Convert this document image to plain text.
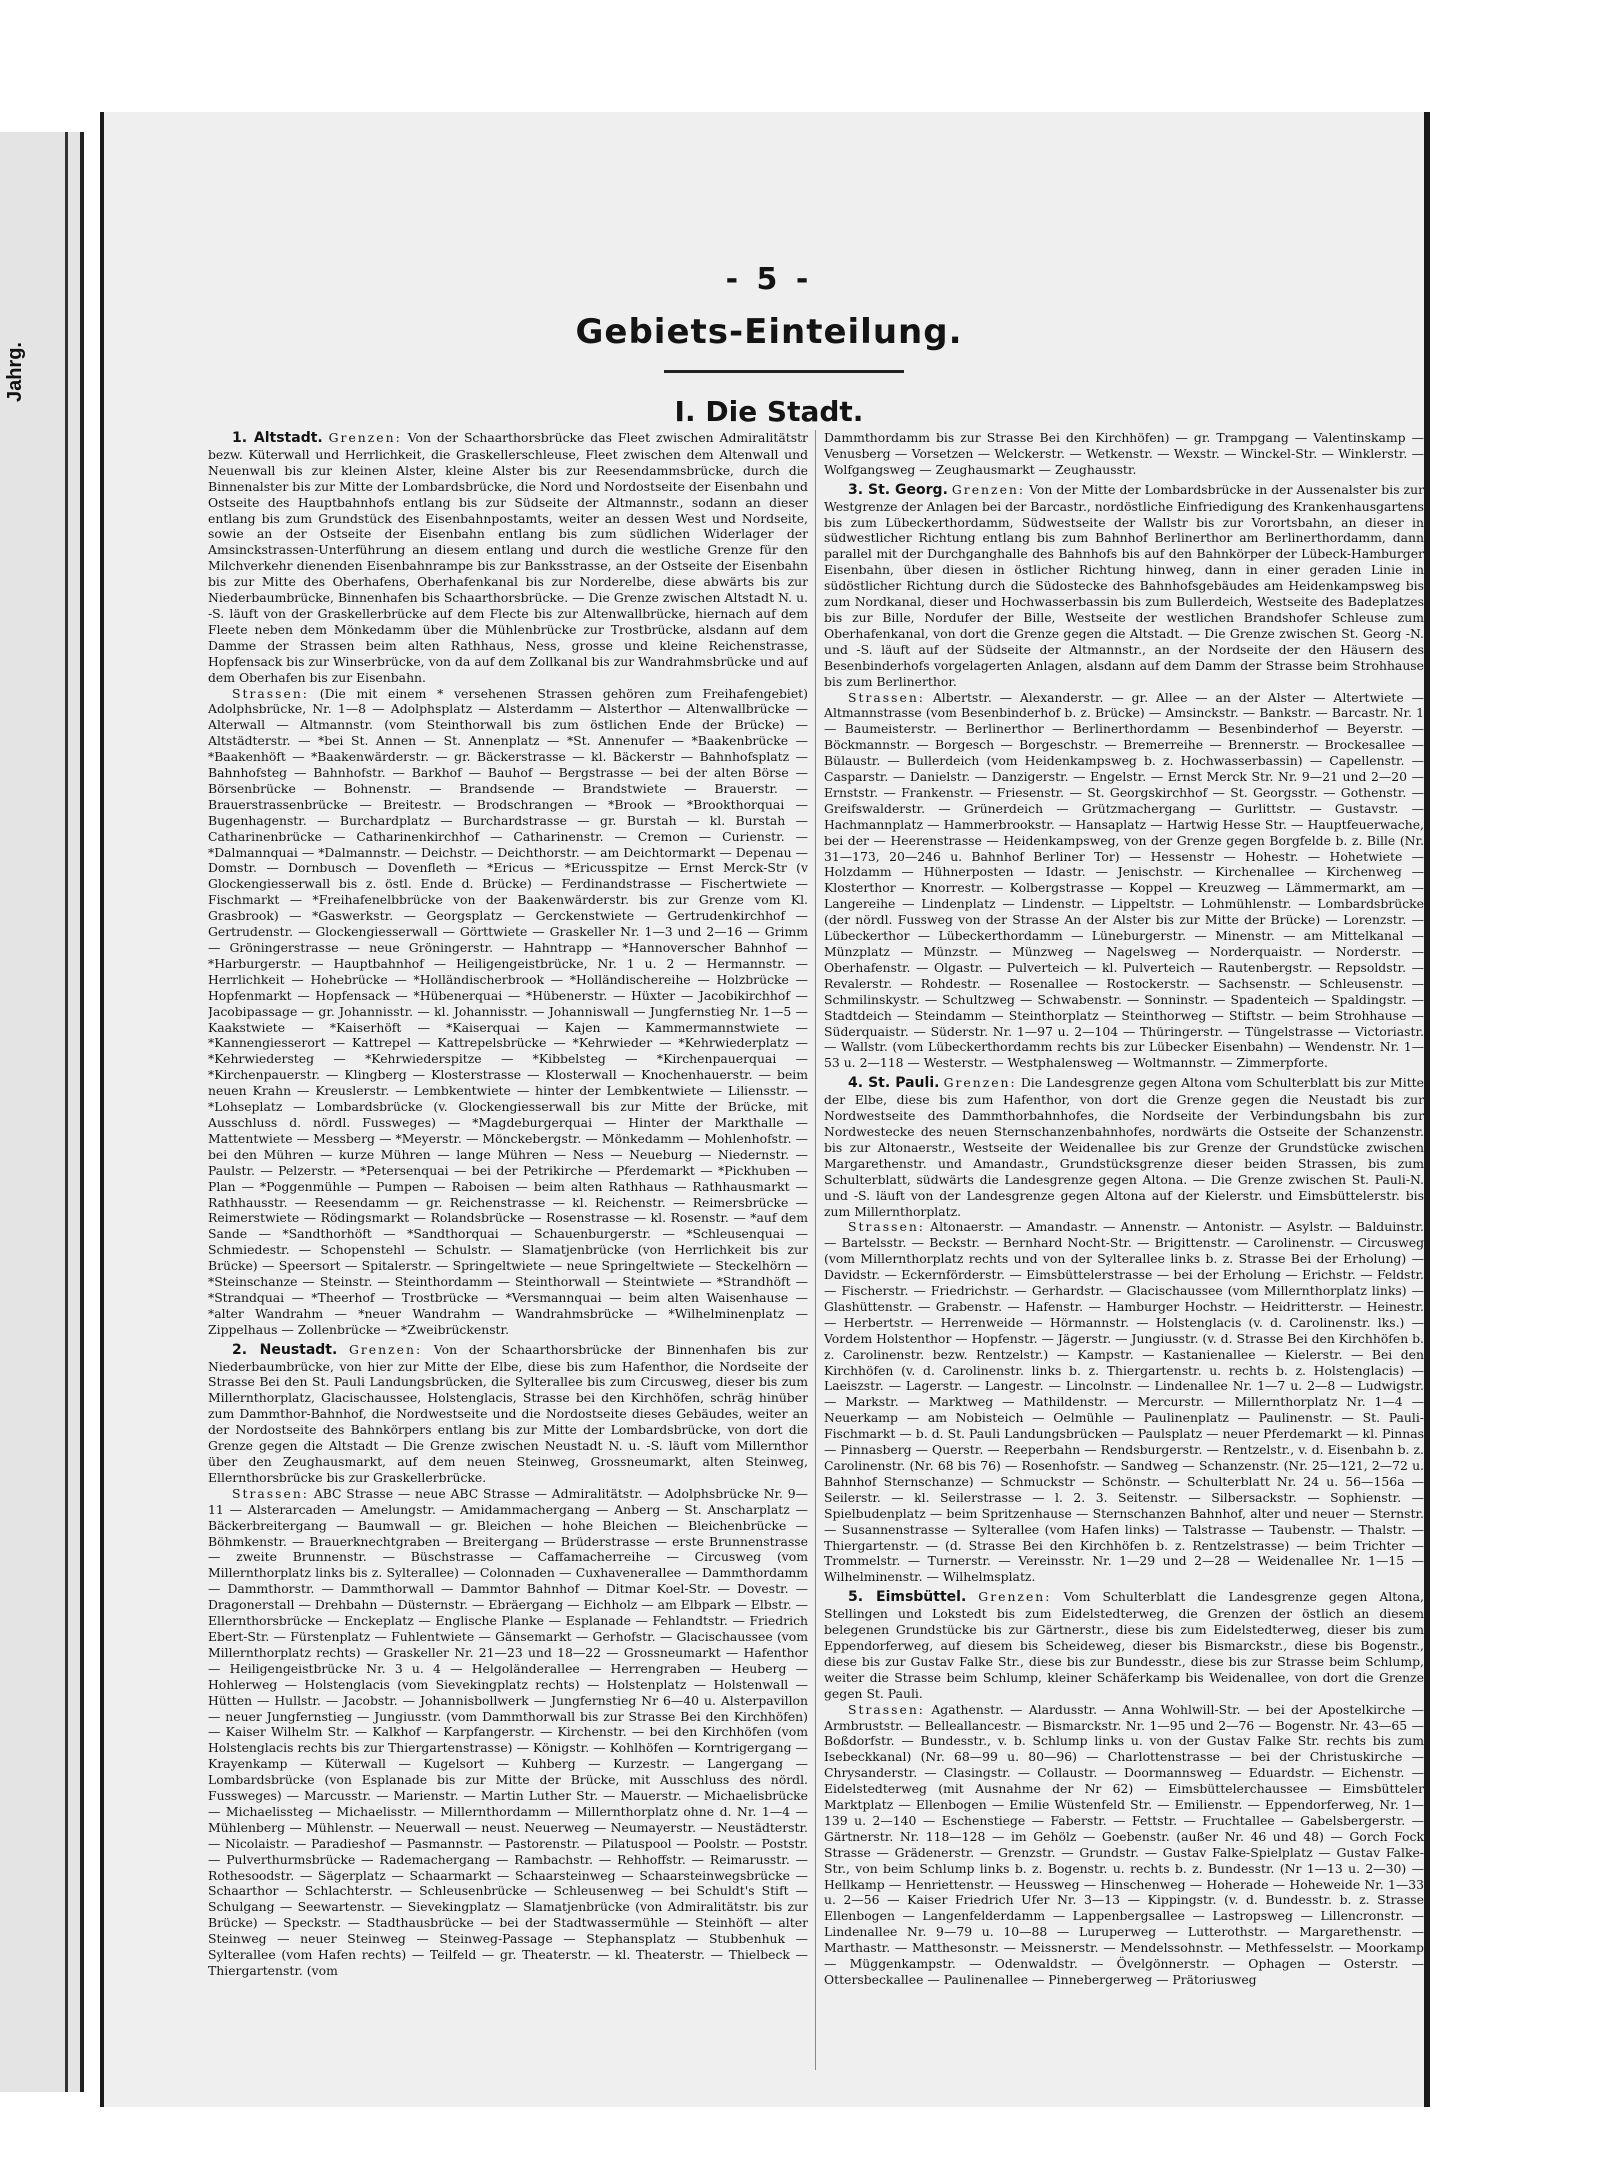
Jahrg.
- 5 -
Gebiets-Einteilung.
I. Die Stadt.

1. Altstadt. Grenzen: Von der Schaarthorsbrücke das Fleet zwischen Admiralitätstr bezw. Küterwall und Herrlichkeit, die Graskellerschleuse, Fleet zwischen dem Altenwall und Neuenwall bis zur kleinen Alster, kleine Alster bis zur Reesendammsbrücke, durch die Binnenalster bis zur Mitte der Lombardsbrücke, die Nord und Nordostseite der Eisenbahn und Ostseite des Hauptbahnhofs entlang bis zur Südseite der Altmannstr., sodann an dieser entlang bis zum Grundstück des Eisenbahnpostamts, weiter an dessen West und Nordseite, sowie an der Ostseite der Eisenbahn entlang bis zum südlichen Widerlager der Amsinckstrassen-Unterführung an diesem entlang und durch die westliche Grenze für den Milchverkehr dienenden Eisenbahnrampe bis zur Banksstrasse, an der Ostseite der Eisenbahn bis zur Mitte des Oberhafens, Oberhafenkanal bis zur Norderelbe, diese abwärts bis zur Niederbaumbrücke, Binnenhafen bis Schaarthorsbrücke. — Die Grenze zwischen Altstadt N. u. -S. läuft von der Graskellerbrücke auf dem Flecte bis zur Altenwallbrücke, hiernach auf dem Fleete neben dem Mönkedamm über die Mühlenbrücke zur Trostbrücke, alsdann auf dem Damme der Strassen beim alten Rathhaus, Ness, grosse und kleine Reichenstrasse, Hopfensack bis zur Winserbrücke, von da auf dem Zollkanal bis zur Wandrahmsbrücke und auf dem Oberhafen bis zur Eisenbahn.

Strassen: (Die mit einem * versehenen Strassen gehören zum Freihafengebiet) Adolphsbrücke, Nr. 1—8 — Adolphsplatz — Alsterdamm — Alsterthor — Altenwallbrücke — Alterwall — Altmannstr. (vom Steinthorwall bis zum östlichen Ende der Brücke) — Altstädterstr. — *bei St. Annen — St. Annenplatz — *St. Annenufer — *Baakenbrücke — *Baakenhöft — *Baakenwärderstr. — gr. Bäckerstrasse — kl. Bäckerstr — Bahnhofsplatz — Bahnhofsteg — Bahnhofstr. — Barkhof — Bauhof — Bergstrasse — bei der alten Börse — Börsenbrücke — Bohnenstr. — Brandsende — Brandstwiete — Brauerstr. — Brauerstrassenbrücke — Breitestr. — Brodschrangen — *Brook — *Brookthorquai — Bugenhagenstr. — Burchardplatz — Burchardstrasse — gr. Burstah — kl. Burstah — Catharinenbrücke — Catharinenkirchhof — Catharinenstr. — Cremon — Curienstr. — *Dalmannquai — *Dalmannstr. — Deichstr. — Deichthorstr. — am Deichtormarkt — Depenau — Domstr. — Dornbusch — Dovenfleth — *Ericus — *Ericusspitze — Ernst Merck-Str (v Glockengiesserwall bis z. östl. Ende d. Brücke) — Ferdinandstrasse — Fischertwiete — Fischmarkt — *Freihafenelbbrücke von der Baakenwärderstr. bis zur Grenze vom Kl. Grasbrook) — *Gaswerkstr. — Georgsplatz — Gerckenstwiete — Gertrudenkirchhof — Gertrudenstr. — Glockengiesserwall — Görttwiete — Graskeller Nr. 1—3 und 2—16 — Grimm — Gröningerstrasse — neue Gröningerstr. — Hahntrapp — *Hannoverscher Bahnhof — *Harburgerstr. — Hauptbahnhof — Heiligengeistbrücke, Nr. 1 u. 2 — Hermannstr. — Herrlichkeit — Hohebrücke — *Holländischerbrook — *Holländischereihe — Holzbrücke — Hopfenmarkt — Hopfensack — *Hübenerquai — *Hübenerstr. — Hüxter — Jacobikirchhof — Jacobipassage — gr. Johannisstr. — kl. Johannisstr. — Johanniswall — Jungfernstieg Nr. 1—5 — Kaakstwiete — *Kaiserhöft — *Kaiserquai — Kajen — Kammermannstwiete — *Kannengiesserort — Kattrepel — Kattrepelsbrücke — *Kehrwieder — *Kehrwiederplatz — *Kehrwiedersteg — *Kehrwiederspitze — *Kibbelsteg — *Kirchenpauerquai — *Kirchenpauerstr. — Klingberg — Klosterstrasse — Klosterwall — Knochenhauerstr. — beim neuen Krahn — Kreuslerstr. — Lembkentwiete — hinter der Lembkentwiete — Liliensstr. — *Lohseplatz — Lombardsbrücke (v. Glockengiesserwall bis zur Mitte der Brücke, mit Ausschluss d. nördl. Fussweges) — *Magdeburgerquai — Hinter der Markthalle — Mattentwiete — Messberg — *Meyerstr. — Mönckebergstr. — Mönkedamm — Mohlenhofstr. — bei den Mühren — kurze Mühren — lange Mühren — Ness — Neueburg — Niedernstr. — Paulstr. — Pelzerstr. — *Petersenquai — bei der Petrikirche — Pferdemarkt — *Pickhuben — Plan — *Poggenmühle — Pumpen — Raboisen — beim alten Rathhaus — Rathhausmarkt — Rathhausstr. — Reesendamm — gr. Reichenstrasse — kl. Reichenstr. — Reimersbrücke — Reimerstwiete — Rödingsmarkt — Rolandsbrücke — Rosenstrasse — kl. Rosenstr. — *auf dem Sande — *Sandthorhöft — *Sandthorquai — Schauenburgerstr. — *Schleusenquai — Schmiedestr. — Schopenstehl — Schulstr. — Slamatjenbrücke (von Herrlichkeit bis zur Brücke) — Speersort — Spitalerstr. — Springeltwiete — neue Springeltwiete — Steckelhörn — *Steinschanze — Steinstr. — Steinthordamm — Steinthorwall — Steintwiete — *Strandhöft — *Strandquai — *Theerhof — Trostbrücke — *Versmannquai — beim alten Waisenhause — *alter Wandrahm — *neuer Wandrahm — Wandrahmsbrücke — *Wilhelminenplatz — Zippelhaus — Zollenbrücke — *Zweibrückenstr.

2. Neustadt. Grenzen: Von der Schaarthorsbrücke der Binnenhafen bis zur Niederbaumbrücke, von hier zur Mitte der Elbe, diese bis zum Hafenthor, die Nordseite der Strasse Bei den St. Pauli Landungsbrücken, die Sylterallee bis zum Circusweg, dieser bis zum Millernthorplatz, Glacischaussee, Holstenglacis, Strasse bei den Kirchhöfen, schräg hinüber zum Dammthor-Bahnhof, die Nordwestseite und die Nordostseite dieses Gebäudes, weiter an der Nordostseite des Bahnkörpers entlang bis zur Mitte der Lombardsbrücke, von dort die Grenze gegen die Altstadt — Die Grenze zwischen Neustadt N. u. -S. läuft vom Millernthor über den Zeughausmarkt, auf dem neuen Steinweg, Grossneumarkt, alten Steinweg, Ellernthorsbrücke bis zur Graskellerbrücke.

Strassen: ABC Strasse — neue ABC Strasse — Admiralitätstr. — Adolphsbrücke Nr. 9—11 — Alsterarcaden — Amelungstr. — Amidammachergang — Anberg — St. Anscharplatz — Bäckerbreitergang — Baumwall — gr. Bleichen — hohe Bleichen — Bleichenbrücke — Böhmkenstr. — Brauerknechtgraben — Breitergang — Brüderstrasse — erste Brunnenstrasse — zweite Brunnenstr. — Büschstrasse — Caffamacherreihe — Circusweg (vom Millernthorplatz links bis z. Sylterallee) — Colonnaden — Cuxhavenerallee — Dammthordamm — Dammthorstr. — Dammthorwall — Dammtor Bahnhof — Ditmar Koel-Str. — Dovestr. — Dragonerstall — Drehbahn — Düsternstr. — Ebräergang — Eichholz — am Elbpark — Elbstr. — Ellernthorsbrücke — Enckeplatz — Englische Planke — Esplanade — Fehlandtstr. — Friedrich Ebert-Str. — Fürstenplatz — Fuhlentwiete — Gänsemarkt — Gerhofstr. — Glacischaussee (vom Millernthorplatz rechts) — Graskeller Nr. 21—23 und 18—22 — Grossneumarkt — Hafenthor — Heiligengeistbrücke Nr. 3 u. 4 — Helgoländerallee — Herrengraben — Heuberg — Hohlerweg — Holstenglacis (vom Sievekingplatz rechts) — Holstenplatz — Holstenwall — Hütten — Hullstr. — Jacobstr. — Johannisbollwerk — Jungfernstieg Nr 6—40 u. Alsterpavillon — neuer Jungfernstieg — Jungiusstr. (vom Dammthorwall bis zur Strasse Bei den Kirchhöfen) — Kaiser Wilhelm Str. — Kalkhof — Karpfangerstr. — Kirchenstr. — bei den Kirchhöfen (vom Holstenglacis rechts bis zur Thiergartenstrasse) — Königstr. — Kohlhöfen — Korntrigergang — Krayenkamp — Küterwall — Kugelsort — Kuhberg — Kurzestr. — Langergang — Lombardsbrücke (von Esplanade bis zur Mitte der Brücke, mit Ausschluss des nördl. Fussweges) — Marcusstr. — Marienstr. — Martin Luther Str. — Mauerstr. — Michaelisbrücke — Michaelissteg — Michaelisstr. — Millernthordamm — Millernthorplatz ohne d. Nr. 1—4 — Mühlenberg — Mühlenstr. — Neuerwall — neust. Neuerweg — Neumayerstr. — Neustädterstr. — Nicolaistr. — Paradieshof — Pasmannstr. — Pastorenstr. — Pilatuspool — Poolstr. — Poststr. — Pulverthurmsbrücke — Rademachergang — Rambachstr. — Rehhoffstr. — Reimarusstr. — Rothesoodstr. — Sägerplatz — Schaarmarkt — Schaarsteinweg — Schaarsteinwegsbrücke — Schaarthor — Schlachterstr. — Schleusenbrücke — Schleusenweg — bei Schuldt's Stift — Schulgang — Seewartenstr. — Sievekingplatz — Slamatjenbrücke (von Admiralitätstr. bis zur Brücke) — Speckstr. — Stadthausbrücke — bei der Stadtwassermühle — Steinhöft — alter Steinweg — neuer Steinweg — Steinweg-Passage — Stephansplatz — Stubbenhuk — Sylterallee (vom Hafen rechts) — Teilfeld — gr. Theaterstr. — kl. Theaterstr. — Thielbeck — Thiergartenstr. (vom

Dammthordamm bis zur Strasse Bei den Kirchhöfen) — gr. Trampgang — Valentinskamp — Venusberg — Vorsetzen — Welckerstr. — Wetkenstr. — Wexstr. — Winckel-Str. — Winklerstr. — Wolfgangsweg — Zeughausmarkt — Zeughausstr.

3. St. Georg. Grenzen: Von der Mitte der Lombardsbrücke in der Aussenalster bis zur Westgrenze der Anlagen bei der Barcastr., nordöstliche Einfriedigung des Krankenhausgartens bis zum Lübeckerthordamm, Südwestseite der Wallstr bis zur Vorortsbahn, an dieser in südwestlicher Richtung entlang bis zum Bahnhof Berlinerthor am Berlinerthordamm, dann parallel mit der Durchganghalle des Bahnhofs bis auf den Bahnkörper der Lübeck-Hamburger Eisenbahn, über diesen in östlicher Richtung hinweg, dann in einer geraden Linie in südöstlicher Richtung durch die Südostecke des Bahnhofsgebäudes am Heidenkampsweg bis zum Nordkanal, dieser und Hochwasserbassin bis zum Bullerdeich, Westseite des Badeplatzes bis zur Bille, Nordufer der Bille, Westseite der westlichen Brandshofer Schleuse zum Oberhafenkanal, von dort die Grenze gegen die Altstadt. — Die Grenze zwischen St. Georg -N. und -S. läuft auf der Südseite der Altmannstr., an der Nordseite der den Häusern des Besenbinderhofs vorgelagerten Anlagen, alsdann auf dem Damm der Strasse beim Strohhause bis zum Berlinerthor.

Strassen: Albertstr. — Alexanderstr. — gr. Allee — an der Alster — Altertwiete — Altmannstrasse (vom Besenbinderhof b. z. Brücke) — Amsinckstr. — Bankstr. — Barcastr. Nr. 1 — Baumeisterstr. — Berlinerthor — Berlinerthordamm — Besenbinderhof — Beyerstr. — Böckmannstr. — Borgesch — Borgeschstr. — Bremerreihe — Brennerstr. — Brockesallee — Bülaustr. — Bullerdeich (vom Heidenkampsweg b. z. Hochwasserbassin) — Capellenstr. — Casparstr. — Danielstr. — Danzigerstr. — Engelstr. — Ernst Merck Str. Nr. 9—21 und 2—20 — Ernststr. — Frankenstr. — Friesenstr. — St. Georgskirchhof — St. Georgsstr. — Gothenstr. — Greifswalderstr. — Grünerdeich — Grützmachergang — Gurlittstr. — Gustavstr. — Hachmannplatz — Hammerbrookstr. — Hansaplatz — Hartwig Hesse Str. — Hauptfeuerwache, bei der — Heerenstrasse — Heidenkampsweg, von der Grenze gegen Borgfelde b. z. Bille (Nr. 31—173, 20—246 u. Bahnhof Berliner Tor) — Hessenstr — Hohestr. — Hohetwiete — Holzdamm — Hühnerposten — Idastr. — Jenischstr. — Kirchenallee — Kirchenweg — Klosterthor — Knorrestr. — Kolbergstrasse — Koppel — Kreuzweg — Lämmermarkt, am — Langereihe — Lindenplatz — Lindenstr. — Lippeltstr. — Lohmühlenstr. — Lombardsbrücke (der nördl. Fussweg von der Strasse An der Alster bis zur Mitte der Brücke) — Lorenzstr. — Lübeckerthor — Lübeckerthordamm — Lüneburgerstr. — Minenstr. — am Mittelkanal — Münzplatz — Münzstr. — Münzweg — Nagelsweg — Norderquaistr. — Norderstr. — Oberhafenstr. — Olgastr. — Pulverteich — kl. Pulverteich — Rautenbergstr. — Repsoldstr. — Revalerstr. — Rohdestr. — Rosenallee — Rostockerstr. — Sachsenstr. — Schleusenstr. — Schmilinskystr. — Schultzweg — Schwabenstr. — Sonninstr. — Spadenteich — Spaldingstr. — Stadtdeich — Steindamm — Steinthorplatz — Steinthorweg — Stiftstr. — beim Strohhause — Süderquaistr. — Süderstr. Nr. 1—97 u. 2—104 — Thüringerstr. — Tüngelstrasse — Victoriastr. — Wallstr. (vom Lübeckerthordamm rechts bis zur Lübecker Eisenbahn) — Wendenstr. Nr. 1—53 u. 2—118 — Westerstr. — Westphalensweg — Woltmannstr. — Zimmerpforte.

4. St. Pauli. Grenzen: Die Landesgrenze gegen Altona vom Schulterblatt bis zur Mitte der Elbe, diese bis zum Hafenthor, von dort die Grenze gegen die Neustadt bis zur Nordwestseite des Dammthorbahnhofes, die Nordseite der Verbindungsbahn bis zur Nordwestecke des neuen Sternschanzenbahnhofes, nordwärts die Ostseite der Schanzenstr. bis zur Altonaerstr., Westseite der Weidenallee bis zur Grenze der Grundstücke zwischen Margarethenstr. und Amandastr., Grundstücksgrenze dieser beiden Strassen, bis zum Schulterblatt, südwärts die Landesgrenze gegen Altona. — Die Grenze zwischen St. Pauli-N. und -S. läuft von der Landesgrenze gegen Altona auf der Kielerstr. und Eimsbüttelerstr. bis zum Millernthorplatz.

Strassen: Altonaerstr. — Amandastr. — Annenstr. — Antonistr. — Asylstr. — Balduinstr. — Bartelsstr. — Beckstr. — Bernhard Nocht-Str. — Brigittenstr. — Carolinenstr. — Circusweg (vom Millernthorplatz rechts und von der Sylterallee links b. z. Strasse Bei der Erholung) — Davidstr. — Eckernförderstr. — Eimsbüttelerstrasse — bei der Erholung — Erichstr. — Feldstr. — Fischerstr. — Friedrichstr. — Gerhardstr. — Glacischaussee (vom Millernthorplatz links) — Glashüttenstr. — Grabenstr. — Hafenstr. — Hamburger Hochstr. — Heidritterstr. — Heinestr. — Herbertstr. — Herrenweide — Hörmannstr. — Holstenglacis (v. d. Carolinenstr. lks.) — Vordem Holstenthor — Hopfenstr. — Jägerstr. — Jungiusstr. (v. d. Strasse Bei den Kirchhöfen b. z. Carolinenstr. bezw. Rentzelstr.) — Kampstr. — Kastanienallee — Kielerstr. — Bei den Kirchhöfen (v. d. Carolinenstr. links b. z. Thiergartenstr. u. rechts b. z. Holstenglacis) — Laeiszstr. — Lagerstr. — Langestr. — Lincolnstr. — Lindenallee Nr. 1—7 u. 2—8 — Ludwigstr. — Markstr. — Marktweg — Mathildenstr. — Mercurstr. — Millernthorplatz Nr. 1—4 — Neuerkamp — am Nobisteich — Oelmühle — Paulinenplatz — Paulinenstr. — St. Pauli-Fischmarkt — b. d. St. Pauli Landungsbrücken — Paulsplatz — neuer Pferdemarkt — kl. Pinnas — Pinnasberg — Querstr. — Reeperbahn — Rendsburgerstr. — Rentzelstr., v. d. Eisenbahn b. z. Carolinenstr. (Nr. 68 bis 76) — Rosenhofstr. — Sandweg — Schanzenstr. (Nr. 25—121, 2—72 u. Bahnhof Sternschanze) — Schmuckstr — Schönstr. — Schulterblatt Nr. 24 u. 56—156a — Seilerstr. — kl. Seilerstrasse — l. 2. 3. Seitenstr. — Silbersackstr. — Sophienstr. — Spielbudenplatz — beim Spritzenhause — Sternschanzen Bahnhof, alter und neuer — Sternstr. — Susannenstrasse — Sylterallee (vom Hafen links) — Talstrasse — Taubenstr. — Thalstr. — Thiergartenstr. — (d. Strasse Bei den Kirchhöfen b. z. Rentzelstrasse) — beim Trichter — Trommelstr. — Turnerstr. — Vereinsstr. Nr. 1—29 und 2—28 — Weidenallee Nr. 1—15 — Wilhelminenstr. — Wilhelmsplatz.

5. Eimsbüttel. Grenzen: Vom Schulterblatt die Landesgrenze gegen Altona, Stellingen und Lokstedt bis zum Eidelstedterweg, die Grenzen der östlich an diesem belegenen Grundstücke bis zur Gärtnerstr., diese bis zum Eidelstedterweg, dieser bis zum Eppendorferweg, auf diesem bis Scheideweg, dieser bis Bismarckstr., diese bis Bogenstr., diese bis zur Gustav Falke Str., diese bis zur Bundesstr., diese bis zur Strasse beim Schlump, weiter die Strasse beim Schlump, kleiner Schäferkamp bis Weidenallee, von dort die Grenze gegen St. Pauli.

Strassen: Agathenstr. — Alardusstr. — Anna Wohlwill-Str. — bei der Apostelkirche — Armbruststr. — Belleallancestr. — Bismarckstr. Nr. 1—95 und 2—76 — Bogenstr. Nr. 43—65 — Boßdorfstr. — Bundesstr., v. b. Schlump links u. von der Gustav Falke Str. rechts bis zum Isebeckkanal) (Nr. 68—99 u. 80—96) — Charlottenstrasse — bei der Christuskirche — Chrysanderstr. — Clasingstr. — Collaustr. — Doormannsweg — Eduardstr. — Eichenstr. — Eidelstedterweg (mit Ausnahme der Nr 62) — Eimsbüttelerchaussee — Eimsbütteler Marktplatz — Ellenbogen — Emilie Wüstenfeld Str. — Emilienstr. — Eppendorferweg, Nr. 1—139 u. 2—140 — Eschenstiege — Faberstr. — Fettstr. — Fruchtallee — Gabelsbergerstr. — Gärtnerstr. Nr. 118—128 — im Gehölz — Goebenstr. (außer Nr. 46 und 48) — Gorch Fock Strasse — Grädenerstr. — Grenzstr. — Grundstr. — Gustav Falke-Spielplatz — Gustav Falke-Str., von beim Schlump links b. z. Bogenstr. u. rechts b. z. Bundesstr. (Nr 1—13 u. 2—30) — Hellkamp — Henriettenstr. — Heussweg — Hinschenweg — Hoherade — Hoheweide Nr. 1—33 u. 2—56 — Kaiser Friedrich Ufer Nr. 3—13 — Kippingstr. (v. d. Bundesstr. b. z. Strasse Ellenbogen — Langenfelderdamm — Lappenbergsallee — Lastropsweg — Lillencronstr. — Lindenallee Nr. 9—79 u. 10—88 — Luruperweg — Lutterothstr. — Margarethenstr. — Marthastr. — Matthesonstr. — Meissnerstr. — Mendelssohnstr. — Methfesselstr. — Moorkamp — Müggenkampstr. — Odenwaldstr. — Övelgönnerstr. — Ophagen — Osterstr. — Ottersbeckallee — Paulinenallee — Pinnebergerweg — Prätoriusweg
